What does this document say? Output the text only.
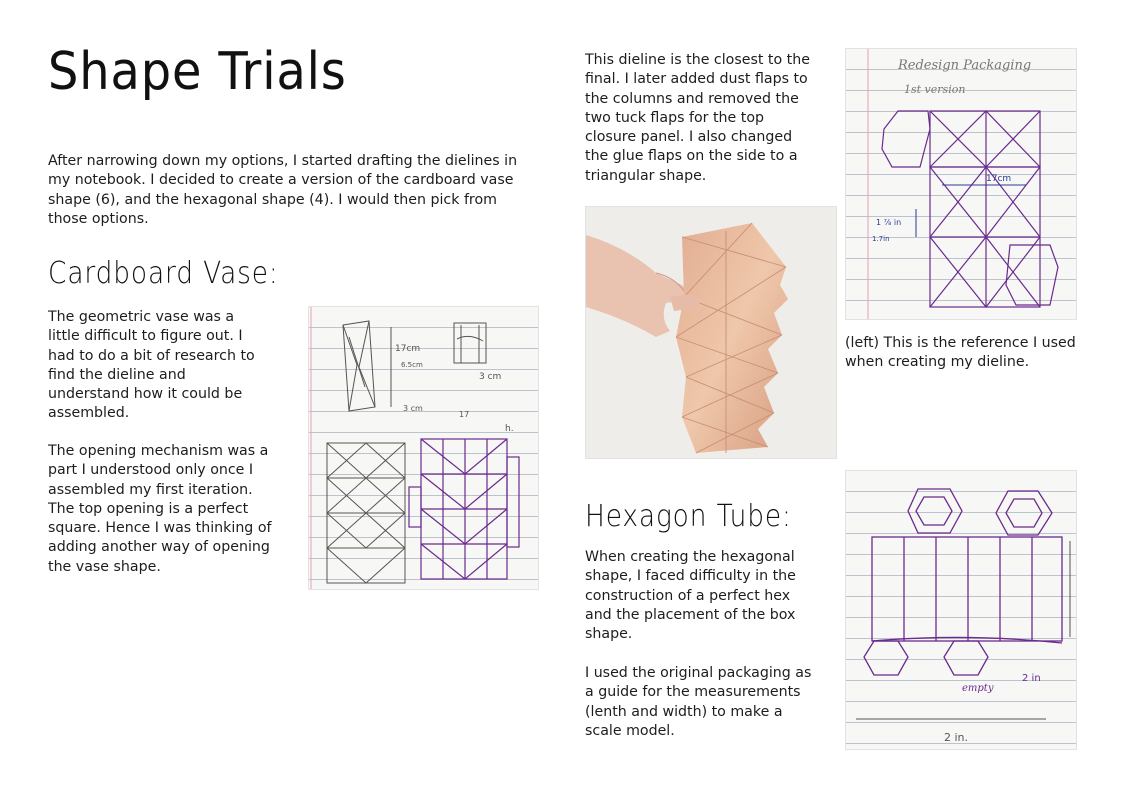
Shape Trials
After narrowing down my options, I started drafting the dielines in my notebook. I decided to create a version of the cardboard vase shape (6), and the hexagonal shape (4). I would then pick from those options.
Cardboard Vase:
The geometric vase was a little difficult to figure out. I had to do a bit of research to find the dieline and understand how it could be assembled.
The opening mechanism was a part I understood only once I assembled my first iteration. The top opening is a perfect square. Hence I was thinking of adding another way of opening the vase shape.
17cm
6.5cm
3 cm
3 cm
h.
17
This dieline is the closest to the final. I later added dust flaps to the columns and removed the two tuck flaps for the top closure panel. I also changed the glue flaps on the side to a triangular shape.
Redesign Packaging
1st version
17cm
1 ⅞ in
1.7in
(left) This is the reference I used when creating my dieline.
Hexagon Tube:
When creating the hexagonal shape, I faced difficulty in the construction of a perfect hex and the placement of the box shape.
I used the original packaging as a guide for the measurements (lenth and width) to make a scale model.
empty
2 in
2 in.
